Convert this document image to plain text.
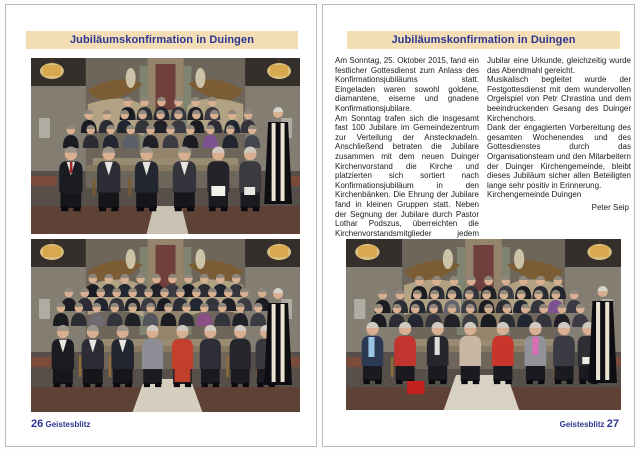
Jubiläumskonfirmation in Duingen
26 Geistesblitz
Jubiläumskonfirmation in Duingen

Am Sonntag, 25. Oktober 2015, fand ein festlicher Gottesdienst zum Anlass des Konfirmationsjubiläums statt. Eingeladen waren sowohl goldene, diamantene, eiserne und gnadene Konfirmationsjubilare.

Am Sonntag trafen sich die insgesamt fast 100 Jubilare im Gemeindezentrum zur Verteilung der Anstecknadeln. Anschließend betraten die Jubilare zusammen mit dem neuen Duinger Kirchenvorstand die Kirche und platzierten sich sortiert nach Konfirmationsjubiläum in den Kirchenbänken. Die Ehrung der Jubilare fand in kleinen Gruppen statt. Neben der Segnung der Jubilare durch Pastor Lothar Podszus, überreichten die Kirchenvorstandsmitglieder jedem Jubilar eine Urkunde, gleichzeitig wurde das Abendmahl gereicht.

Musikalisch begleitet wurde der Festgottesdienst mit dem wundervollen Orgelspiel von Petr Chrastina und dem beeindruckenden Gesang des Duinger Kirchenchors.

Dank der engagierten Vorbereitung des gesamten Wochenendes und des Gottesdienstes durch das Organisationsteam und den Mitarbeitern der Duinger Kirchengemeinde, bleibt dieses Jubiläum sicher allen Beteiligten lange sehr positiv in Erinnerung.

Kirchengemeinde Duingen

Peter Seip

Geistesblitz 27
